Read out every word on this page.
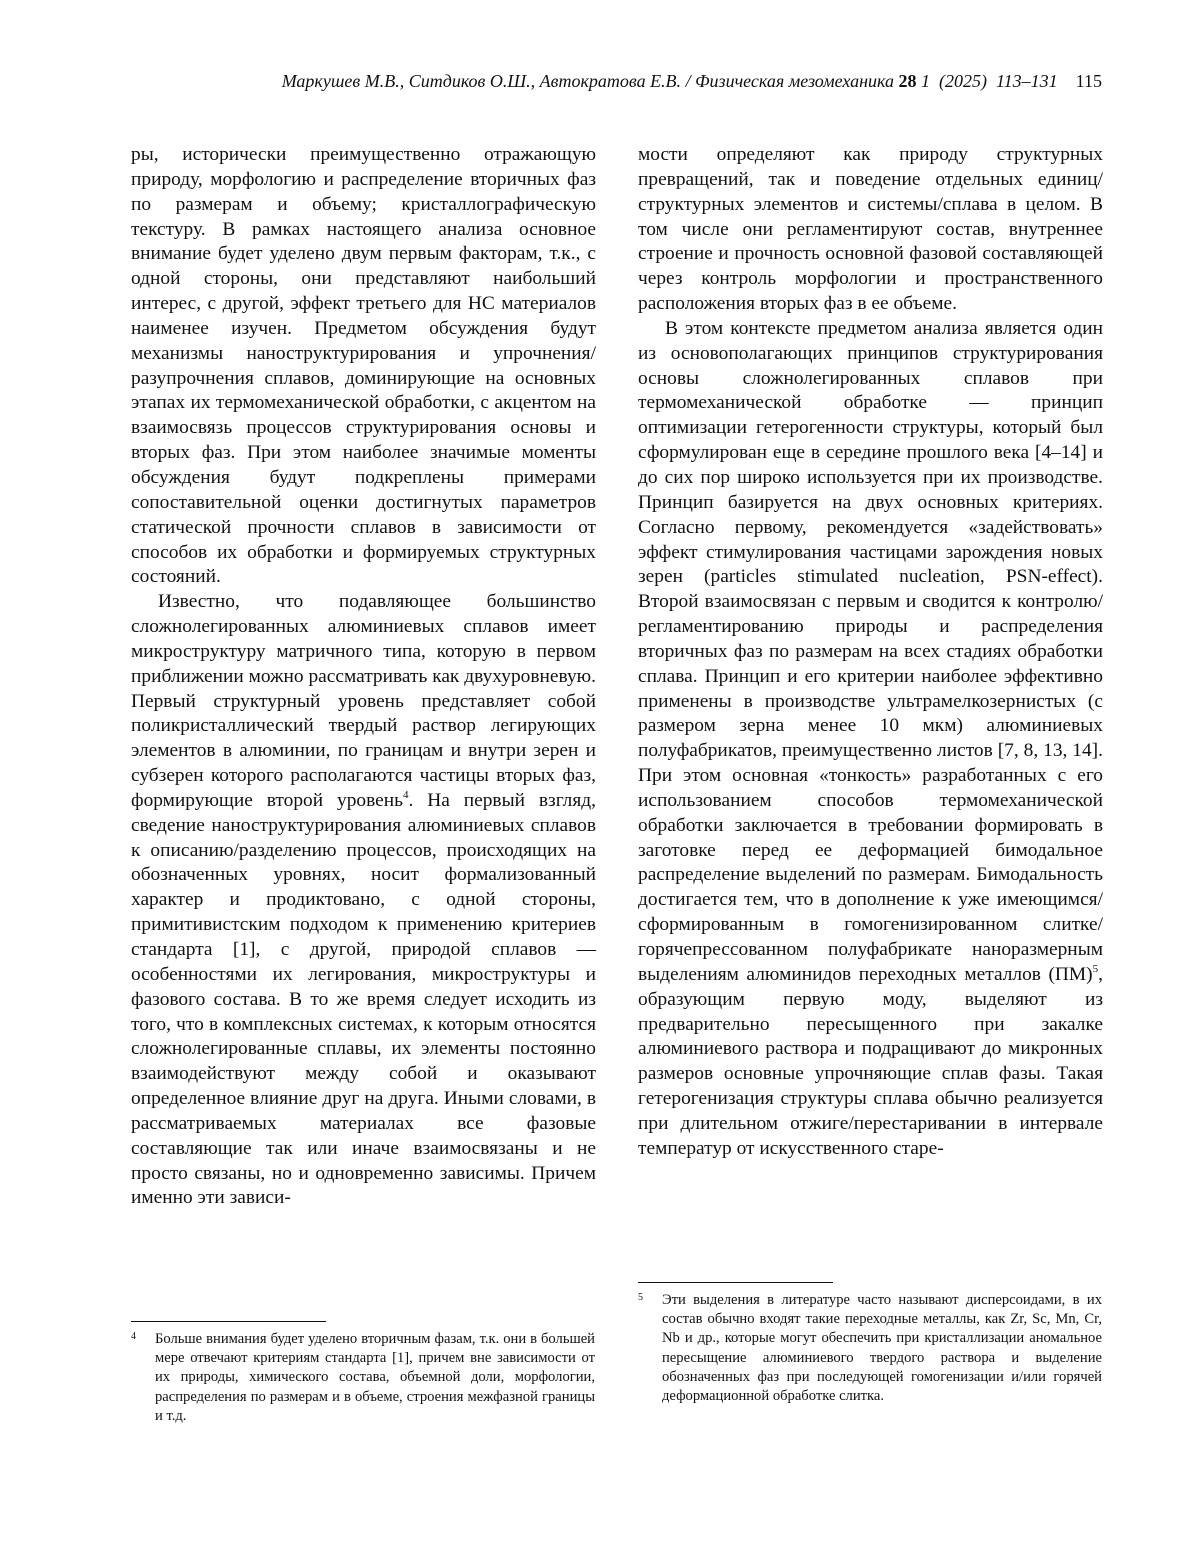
Маркушев М.В., Ситдиков О.Ш., Автократова Е.В. / Физическая мезомеханика 28 1 (2025) 113–131 115

ры, исторически преимущественно отражающую природу, морфологию и распределение вторичных фаз по размерам и объему; кристаллографическую текстуру. В рамках настоящего анализа основное внимание будет уделено двум первым факторам, т.к., с одной стороны, они представляют наибольший интерес, с другой, эффект третьего для НС материалов наименее изучен. Предметом обсуждения будут механизмы наноструктурирования и упрочнения/разупрочнения сплавов, доминирующие на основных этапах их термомеханической обработки, с акцентом на взаимосвязь процессов структурирования основы и вторых фаз. При этом наиболее значимые моменты обсуждения будут подкреплены примерами сопоставительной оценки достигнутых параметров статической прочности сплавов в зависимости от способов их обработки и формируемых структурных состояний.

Известно, что подавляющее большинство сложнолегированных алюминиевых сплавов имеет микроструктуру матричного типа, которую в первом приближении можно рассматривать как двухуровневую. Первый структурный уровень представляет собой поликристаллический твердый раствор легирующих элементов в алюминии, по границам и внутри зерен и субзерен которого располагаются частицы вторых фаз, формирующие второй уровень$^4$. На первый взгляд, сведение наноструктурирования алюминиевых сплавов к описанию/разделению процессов, происходящих на обозначенных уровнях, носит формализованный характер и продиктовано, с одной стороны, примитивистским подходом к применению критериев стандарта [1], с другой, природой сплавов — особенностями их легирования, микроструктуры и фазового состава. В то же время следует исходить из того, что в комплексных системах, к которым относятся сложнолегированные сплавы, их элементы постоянно взаимодействуют между собой и оказывают определенное влияние друг на друга. Иными словами, в рассматриваемых материалах все фазовые составляющие так или иначе взаимосвязаны и не просто связаны, но и одновременно зависимы. Причем именно эти зависи-

мости определяют как природу структурных превращений, так и поведение отдельных единиц/структурных элементов и системы/сплава в целом. В том числе они регламентируют состав, внутреннее строение и прочность основной фазовой составляющей через контроль морфологии и пространственного расположения вторых фаз в ее объеме.

В этом контексте предметом анализа является один из основополагающих принципов структурирования основы сложнолегированных сплавов при термомеханической обработке — принцип оптимизации гетерогенности структуры, который был сформулирован еще в середине прошлого века [4–14] и до сих пор широко используется при их производстве. Принцип базируется на двух основных критериях. Согласно первому, рекомендуется «задействовать» эффект стимулирования частицами зарождения новых зерен (particles stimulated nucleation, PSN-effect). Второй взаимосвязан с первым и сводится к контролю/регламентированию природы и распределения вторичных фаз по размерам на всех стадиях обработки сплава. Принцип и его критерии наиболее эффективно применены в производстве ультрамелкозернистых (с размером зерна менее 10 мкм) алюминиевых полуфабрикатов, преимущественно листов [7, 8, 13, 14]. При этом основная «тонкость» разработанных с его использованием способов термомеханической обработки заключается в требовании формировать в заготовке перед ее деформацией бимодальное распределение выделений по размерам. Бимодальность достигается тем, что в дополнение к уже имеющимся/сформированным в гомогенизированном слитке/горячепрессованном полуфабрикате наноразмерным выделениям алюминидов переходных металлов (ПМ)$^5$, образующим первую моду, выделяют из предварительно пересыщенного при закалке алюминиевого раствора и подращивают до микронных размеров основные упрочняющие сплав фазы. Такая гетерогенизация структуры сплава обычно реализуется при длительном отжиге/перестаривании в интервале температур от искусственного старе-

4 Больше внимания будет уделено вторичным фазам, т.к. они в большей мере отвечают критериям стандарта [1], причем вне зависимости от их природы, химического состава, объемной доли, морфологии, распределения по размерам и в объеме, строения межфазной границы и т.д.
5 Эти выделения в литературе часто называют дисперсоидами, в их состав обычно входят такие переходные металлы, как Zr, Sc, Mn, Cr, Nb и др., которые могут обеспечить при кристаллизации аномальное пересыщение алюминиевого твердого раствора и выделение обозначенных фаз при последующей гомогенизации и/или горячей деформационной обработке слитка.
